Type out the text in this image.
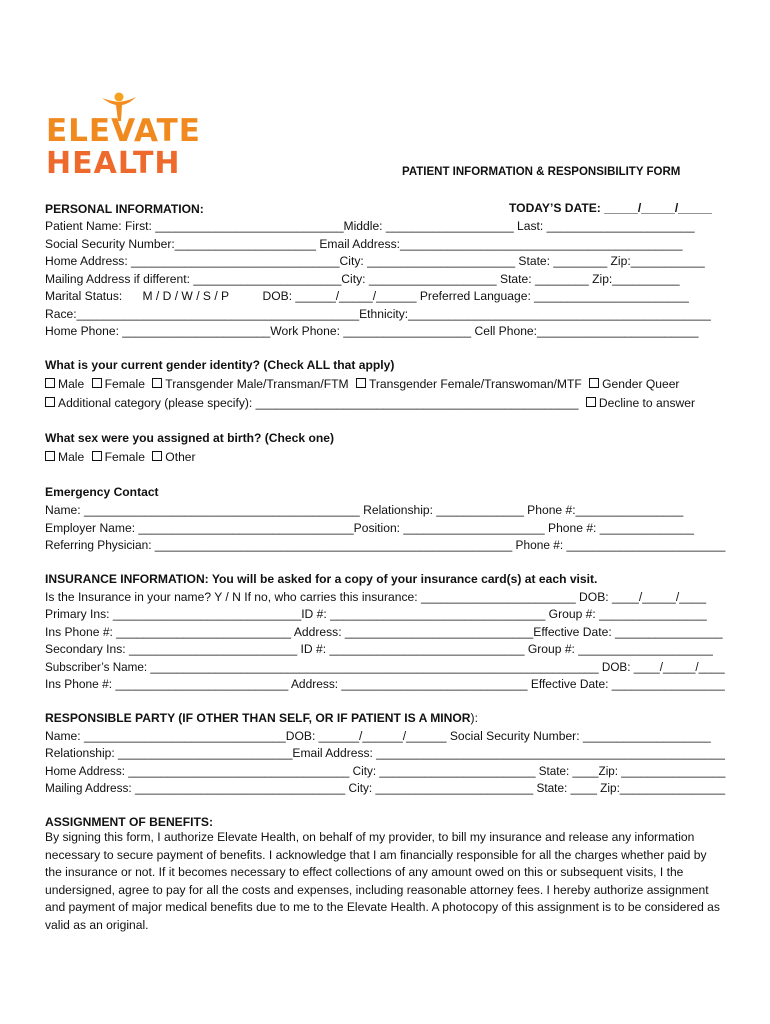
ELEVATE
HEALTH	PATIENT INFORMATION & RESPONSIBILITY FORM
PERSONAL INFORMATION:	TODAY’S DATE: _____/_____/_____
Patient Name: First: ____________________________Middle: ___________________ Last: ______________________
Social Security Number:_____________________ Email Address:__________________________________________
Home Address: _______________________________City: ______________________ State: ________ Zip:___________
Mailing Address if different: ______________________City: ___________________ State: ________ Zip:__________
Marital Status:      M / D / W / S / P          DOB: ______/_____/______ Preferred Language: _______________________
Race:__________________________________________Ethnicity:_____________________________________________
Home Phone: ______________________Work Phone: ___________________ Cell Phone:________________________
What is your current gender identity? (Check ALL that apply)
Male Female Transgender Male/Transman/FTM Transgender Female/Transwoman/MTF Gender Queer
Additional category (please specify): ________________________________________________ Decline to answer
What sex were you assigned at birth? (Check one)
Male Female Other
Emergency Contact
Name: _________________________________________ Relationship: _____________ Phone #:________________
Employer Name: ________________________________Position: _____________________ Phone #: ______________
Referring Physician: ______________________________________________________ Phone #: ________________________
INSURANCE INFORMATION: You will be asked for a copy of your insurance card(s) at each visit.
Is the Insurance in your name? Y / N If no, who carries this insurance: _______________________ DOB: ____/_____/____
Primary Ins: ____________________________ID #: ________________________________ Group #: ________________
Ins Phone #: __________________________ Address: ____________________________Effective Date: ________________
Secondary Ins: _________________________ ID #: _____________________________ Group #: ____________________
Subscriber’s Name: _____________________________________________________________________ DOB: ____/_____/____
Ins Phone #: __________________________ Address: ____________________________ Effective Date: _________________
RESPONSIBLE PARTY (IF OTHER THAN SELF, OR IF PATIENT IS A MINOR):
Name: ______________________________DOB: ______/______/______ Social Security Number: ___________________
Relationship: __________________________Email Address: ____________________________________________________
Home Address: __________________________________ City: ________________________ State: ____Zip: ________________
Mailing Address: ________________________________ City: ________________________ State: ____ Zip:________________
ASSIGNMENT OF BENEFITS:

By signing this form, I authorize Elevate Health, on behalf of my provider, to bill my insurance and release any information necessary to secure payment of benefits. I acknowledge that I am financially responsible for all the charges whether paid by the insurance or not. If it becomes necessary to effect collections of any amount owed on this or subsequent visits, I the undersigned, agree to pay for all the costs and expenses, including reasonable attorney fees. I hereby authorize assignment and payment of major medical benefits due to me to the Elevate Health. A photocopy of this assignment is to be considered as valid as an original.
